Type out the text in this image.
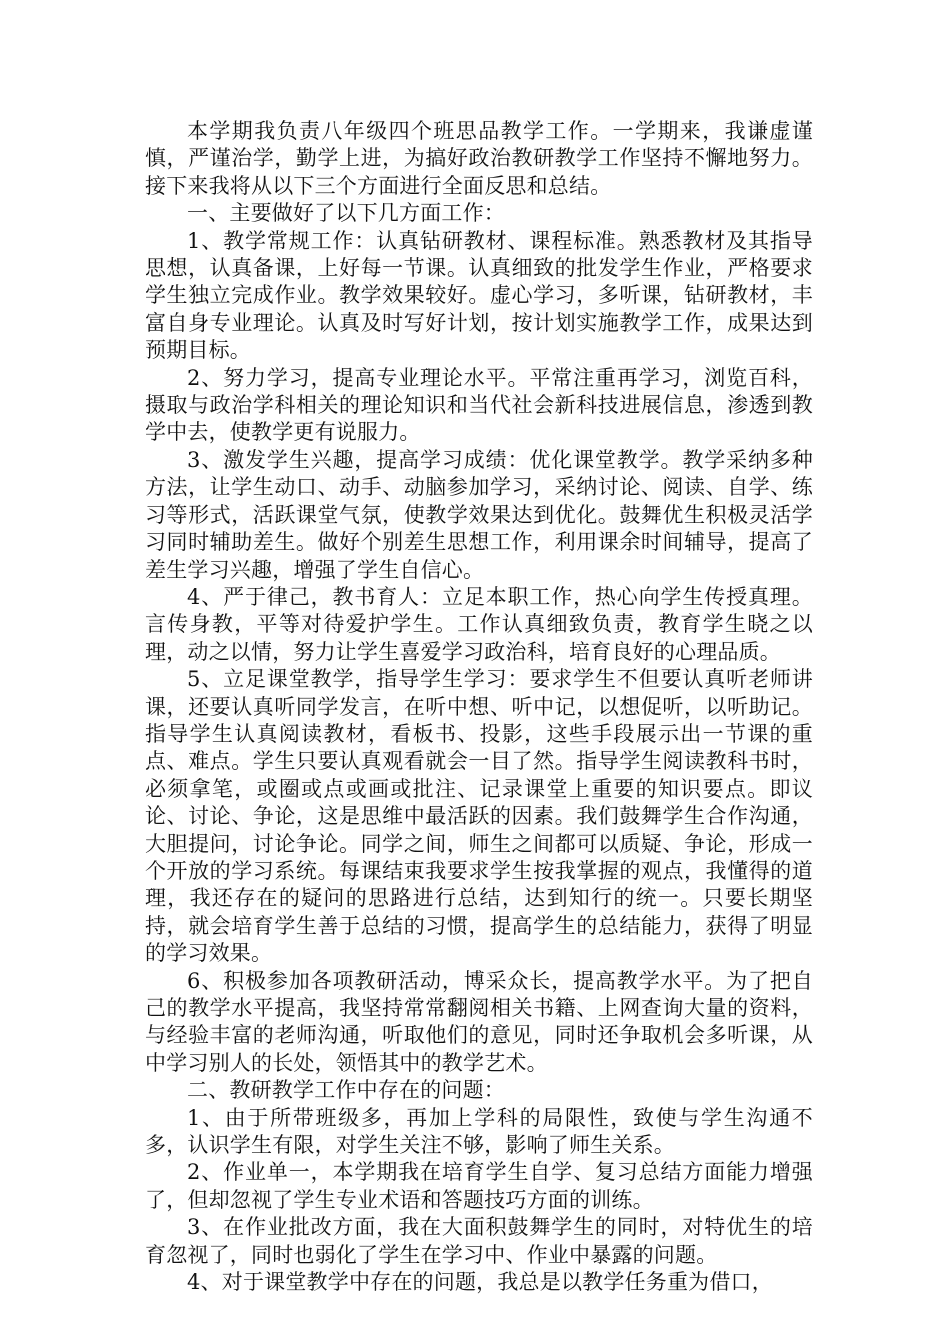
本学期我负责八年级四个班思品教学工作。一学期来，我谦虚谨慎，严谨治学，勤学上进，为搞好政治教研教学工作坚持不懈地努力。接下来我将从以下三个方面进行全面反思和总结。

一、主要做好了以下几方面工作：

1、教学常规工作：认真钻研教材、课程标准。熟悉教材及其指导思想，认真备课，上好每一节课。认真细致的批发学生作业，严格要求学生独立完成作业。教学效果较好。虚心学习，多听课，钻研教材，丰富自身专业理论。认真及时写好计划，按计划实施教学工作，成果达到预期目标。

2、努力学习，提高专业理论水平。平常注重再学习，浏览百科，摄取与政治学科相关的理论知识和当代社会新科技进展信息，渗透到教学中去，使教学更有说服力。

3、激发学生兴趣，提高学习成绩：优化课堂教学。教学采纳多种方法，让学生动口、动手、动脑参加学习，采纳讨论、阅读、自学、练习等形式，活跃课堂气氛，使教学效果达到优化。鼓舞优生积极灵活学习同时辅助差生。做好个别差生思想工作，利用课余时间辅导，提高了差生学习兴趣，增强了学生自信心。

4、严于律己，教书育人：立足本职工作，热心向学生传授真理。言传身教，平等对待爱护学生。工作认真细致负责，教育学生晓之以理，动之以情，努力让学生喜爱学习政治科，培育良好的心理品质。

5、立足课堂教学，指导学生学习：要求学生不但要认真听老师讲课，还要认真听同学发言，在听中想、听中记，以想促听，以听助记。指导学生认真阅读教材，看板书、投影，这些手段展示出一节课的重点、难点。学生只要认真观看就会一目了然。指导学生阅读教科书时，必须拿笔，或圈或点或画或批注、记录课堂上重要的知识要点。即议论、讨论、争论，这是思维中最活跃的因素。我们鼓舞学生合作沟通，大胆提问，讨论争论。同学之间，师生之间都可以质疑、争论，形成一个开放的学习系统。每课结束我要求学生按我掌握的观点，我懂得的道理，我还存在的疑问的思路进行总结，达到知行的统一。只要长期坚持，就会培育学生善于总结的习惯，提高学生的总结能力，获得了明显的学习效果。

6、积极参加各项教研活动，博采众长，提高教学水平。为了把自己的教学水平提高，我坚持常常翻阅相关书籍、上网查询大量的资料，与经验丰富的老师沟通，听取他们的意见，同时还争取机会多听课，从中学习别人的长处，领悟其中的教学艺术。

二、教研教学工作中存在的问题：

1、由于所带班级多，再加上学科的局限性，致使与学生沟通不多，认识学生有限，对学生关注不够，影响了师生关系。

2、作业单一，本学期我在培育学生自学、复习总结方面能力增强了，但却忽视了学生专业术语和答题技巧方面的训练。

3、在作业批改方面，我在大面积鼓舞学生的同时，对特优生的培育忽视了，同时也弱化了学生在学习中、作业中暴露的问题。

4、对于课堂教学中存在的问题，我总是以教学任务重为借口，
